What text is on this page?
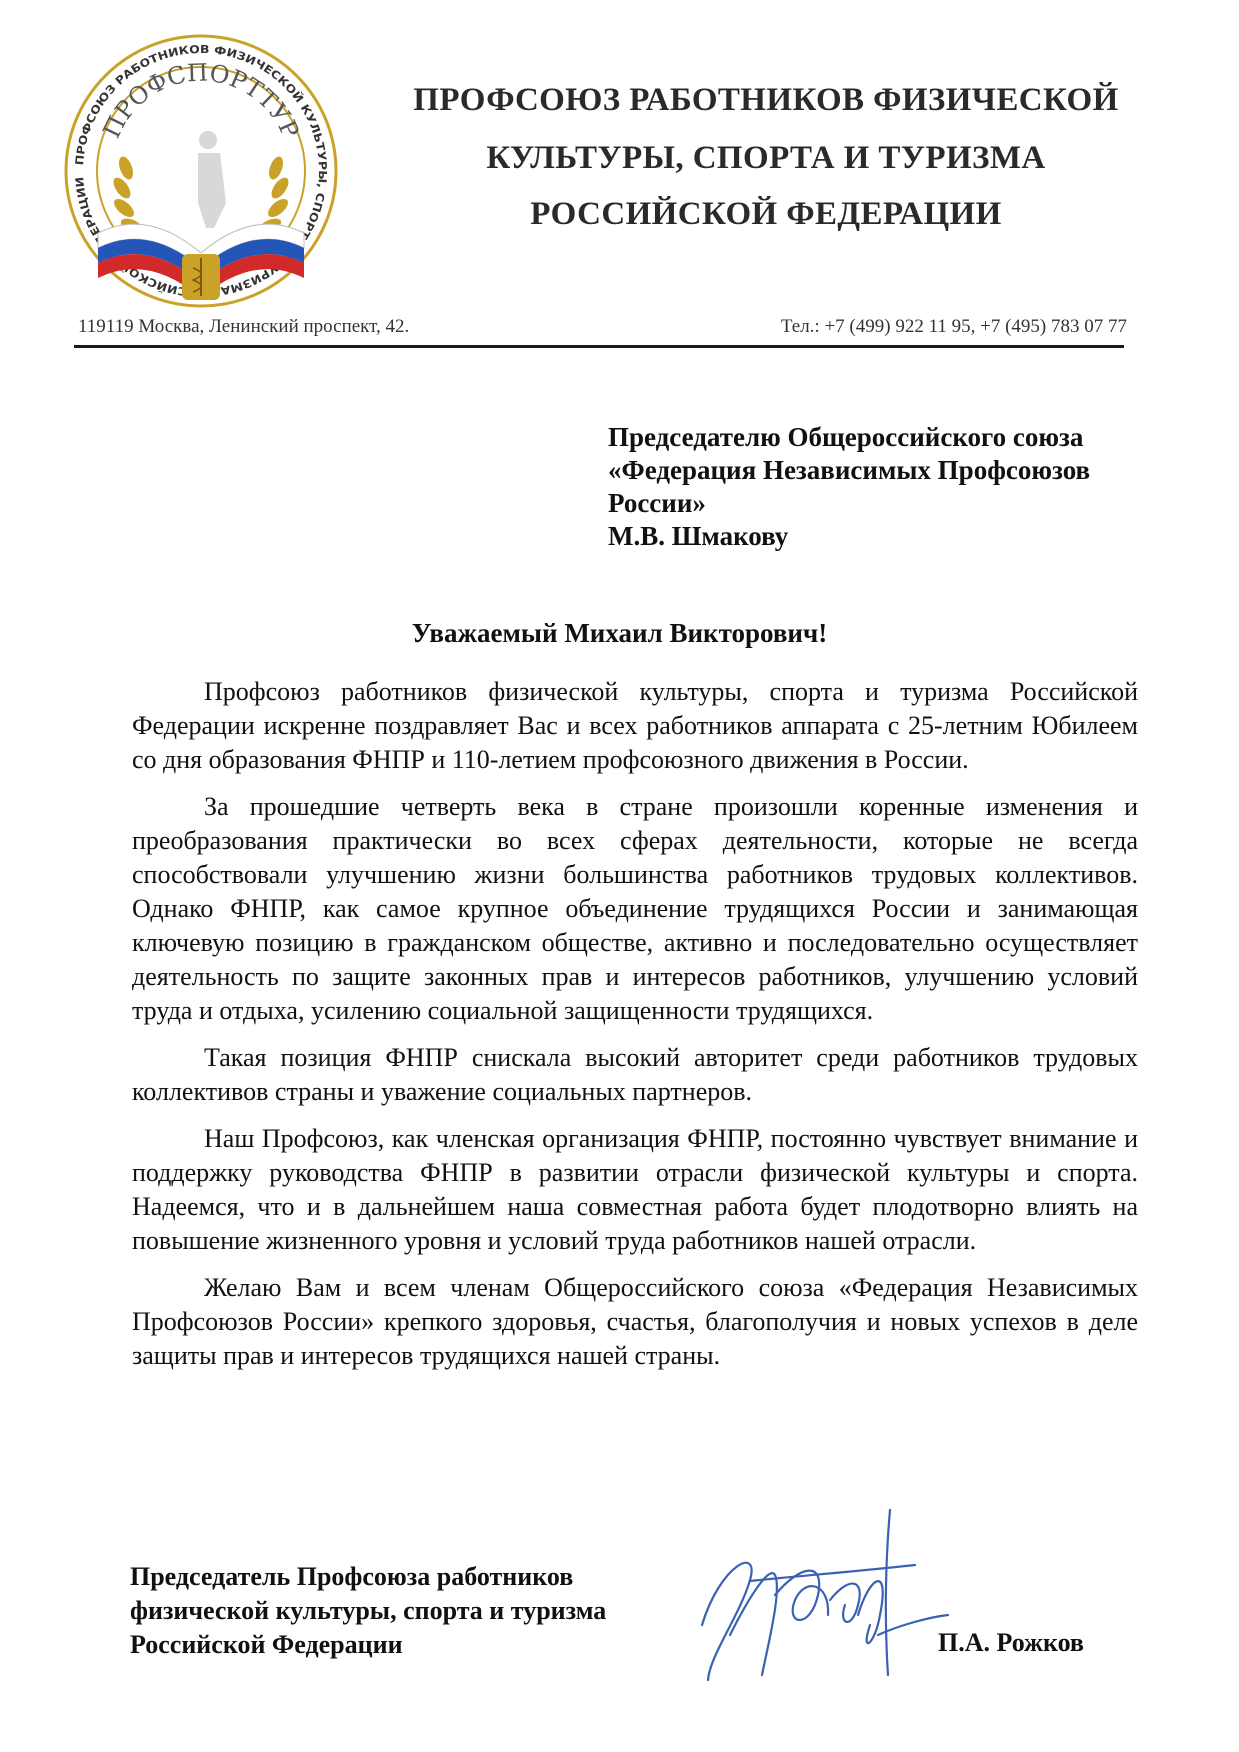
ПРОФСОЮЗ РАБОТНИКОВ ФИЗИЧЕСКОЙ КУЛЬТУРЫ, СПОРТ РИЗМА ИЙСКО ЕРАЦИИ
ПРОФСПОРТТУР
ПРОФСОЮЗ РАБОТНИКОВ ФИЗИЧЕСКОЙ
КУЛЬТУРЫ, СПОРТА И ТУРИЗМА
РОССИЙСКОЙ ФЕДЕРАЦИИ
119119 Москва, Ленинский проспект, 42.	Тел.: +7 (499) 922 11 95, +7 (495) 783 07 77
Председателю Общероссийского союза
«Федерация Независимых Профсоюзов
России»
М.В. Шмакову
Уважаемый Михаил Викторович!

Профсоюз работников физической культуры, спорта и туризма Российской Федерации искренне поздравляет Вас и всех работников аппарата с 25-летним Юбилеем со дня образования ФНПР и 110-летием профсоюзного движения в России.

За прошедшие четверть века в стране произошли коренные изменения и преобразования практически во всех сферах деятельности, которые не всегда способствовали улучшению жизни большинства работников трудовых коллективов. Однако ФНПР, как самое крупное объединение трудящихся России и занимающая ключевую позицию в гражданском обществе, активно и последовательно осуществляет деятельность по защите законных прав и интересов работников, улучшению условий труда и отдыха, усилению социальной защищенности трудящихся.

Такая позиция ФНПР снискала высокий авторитет среди работников трудовых коллективов страны и уважение социальных партнеров.

Наш Профсоюз, как членская организация ФНПР, постоянно чувствует внимание и поддержку руководства ФНПР в развитии отрасли физической культуры и спорта. Надеемся, что и в дальнейшем наша совместная работа будет плодотворно влиять на повышение жизненного уровня и условий труда работников нашей отрасли.

Желаю Вам и всем членам Общероссийского союза «Федерация Независимых Профсоюзов России» крепкого здоровья, счастья, благополучия и новых успехов в деле защиты прав и интересов трудящихся нашей страны.

Председатель Профсоюза работников
физической культуры, спорта и туризма
Российской Федерации	П.А. Рожков
